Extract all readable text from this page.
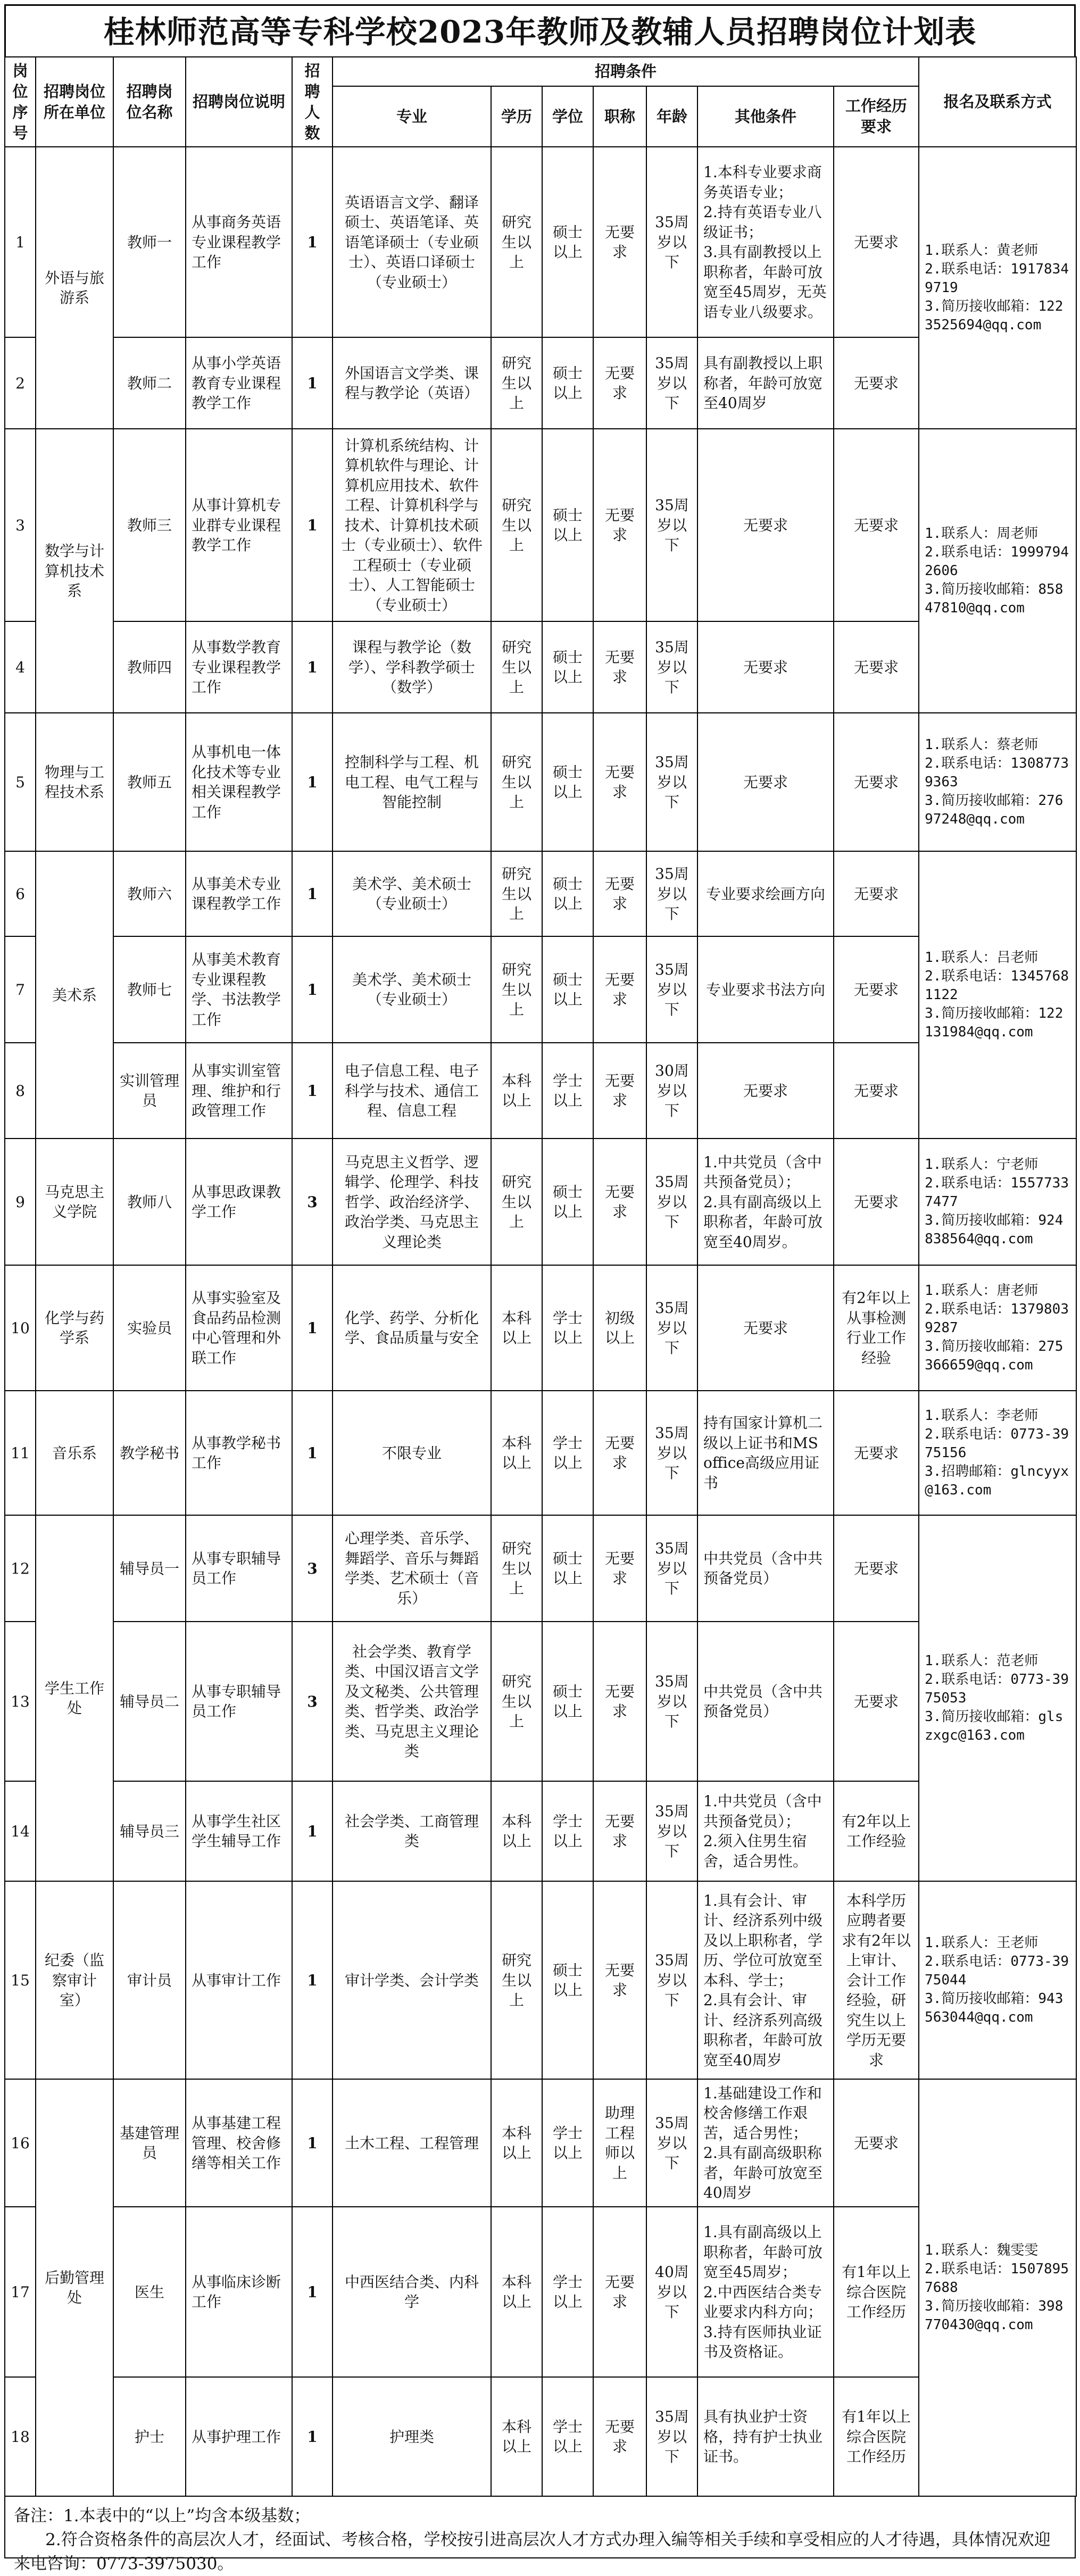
桂林师范高等专科学校2023年教师及教辅人员招聘岗位计划表
岗位序号	招聘岗位所在单位	招聘岗位名称	招聘岗位说明	招聘人数	招聘条件							报名及联系方式
					专业	学历	学位	职称	年龄	其他条件	工作经历要求	
1	外语与旅游系	教师一	从事商务英语专业课程教学工作	1	英语语言文学、翻译硕士、英语笔译、英语笔译硕士（专业硕士）、英语口译硕士（专业硕士）	研究生以上	硕士以上	无要求	35周岁以下	1.本科专业要求商务英语专业；
2.持有英语专业八级证书；
3.具有副教授以上职称者，年龄可放宽至45周岁，无英语专业八级要求。	无要求	1.联系人：黄老师
2.联系电话：19178349719
3.简历接收邮箱：1223525694@qq.com
2		教师二	从事小学英语教育专业课程教学工作	1	外国语言文学类、课程与教学论（英语）	研究生以上	硕士以上	无要求	35周岁以下	具有副教授以上职称者，年龄可放宽至40周岁	无要求	
3	数学与计算机技术系	教师三	从事计算机专业群专业课程教学工作	1	计算机系统结构、计算机软件与理论、计算机应用技术、软件工程、计算机科学与技术、计算机技术硕士（专业硕士）、软件工程硕士（专业硕士）、人工智能硕士（专业硕士）	研究生以上	硕士以上	无要求	35周岁以下	无要求	无要求	1.联系人：周老师
2.联系电话：19997942606
3.简历接收邮箱：85847810@qq.com
4		教师四	从事数学教育专业课程教学工作	1	课程与教学论（数学）、学科教学硕士（数学）	研究生以上	硕士以上	无要求	35周岁以下	无要求	无要求	
5	物理与工程技术系	教师五	从事机电一体化技术等专业相关课程教学工作	1	控制科学与工程、机电工程、电气工程与智能控制	研究生以上	硕士以上	无要求	35周岁以下	无要求	无要求	1.联系人：蔡老师
2.联系电话：13087739363
3.简历接收邮箱：27697248@qq.com
6	美术系	教师六	从事美术专业课程教学工作	1	美术学、美术硕士（专业硕士）	研究生以上	硕士以上	无要求	35周岁以下	专业要求绘画方向	无要求	1.联系人：吕老师
2.联系电话：13457681122
3.简历接收邮箱：122131984@qq.com
7		教师七	从事美术教育专业课程教学、书法教学工作	1	美术学、美术硕士（专业硕士）	研究生以上	硕士以上	无要求	35周岁以下	专业要求书法方向	无要求	
8		实训管理员	从事实训室管理、维护和行政管理工作	1	电子信息工程、电子科学与技术、通信工程、信息工程	本科以上	学士以上	无要求	30周岁以下	无要求	无要求	
9	马克思主义学院	教师八	从事思政课教学工作	3	马克思主义哲学、逻辑学、伦理学、科技哲学、政治经济学、政治学类、马克思主义理论类	研究生以上	硕士以上	无要求	35周岁以下	1.中共党员（含中共预备党员）；
2.具有副高级以上职称者，年龄可放宽至40周岁。	无要求	1.联系人：宁老师
2.联系电话：15577337477
3.简历接收邮箱：924838564@qq.com
10	化学与药学系	实验员	从事实验室及食品药品检测中心管理和外联工作	1	化学、药学、分析化学、食品质量与安全	本科以上	学士以上	初级以上	35周岁以下	无要求	有2年以上从事检测行业工作经验	1.联系人：唐老师
2.联系电话：13798039287
3.简历接收邮箱：275366659@qq.com
11	音乐系	教学秘书	从事教学秘书工作	1	不限专业	本科以上	学士以上	无要求	35周岁以下	持有国家计算机二级以上证书和MS office高级应用证书	无要求	1.联系人：李老师
2.联系电话：0773-3975156
3.招聘邮箱：glncyyx@163.com
12	学生工作处	辅导员一	从事专职辅导员工作	3	心理学类、音乐学、舞蹈学、音乐与舞蹈学类、艺术硕士（音乐）	研究生以上	硕士以上	无要求	35周岁以下	中共党员（含中共预备党员）	无要求	1.联系人：范老师
2.联系电话：0773-3975053
3.简历接收邮箱：glszxgc@163.com
13		辅导员二	从事专职辅导员工作	3	社会学类、教育学类、中国汉语言文学及文秘类、公共管理类、哲学类、政治学类、马克思主义理论类	研究生以上	硕士以上	无要求	35周岁以下	中共党员（含中共预备党员）	无要求	
14		辅导员三	从事学生社区学生辅导工作	1	社会学类、工商管理类	本科以上	学士以上	无要求	35周岁以下	1.中共党员（含中共预备党员）；
2.须入住男生宿舍，适合男性。	有2年以上工作经验	
15	纪委（监察审计室）	审计员	从事审计工作	1	审计学类、会计学类	研究生以上	硕士以上	无要求	35周岁以下	1.具有会计、审计、经济系列中级及以上职称者，学历、学位可放宽至本科、学士；
2.具有会计、审计、经济系列高级职称者，年龄可放宽至40周岁	本科学历应聘者要求有2年以上审计、会计工作经验，研究生以上学历无要求	1.联系人：王老师
2.联系电话：0773-3975044
3.简历接收邮箱：943563044@qq.com
16	后勤管理处	基建管理员	从事基建工程管理、校舍修缮等相关工作	1	土木工程、工程管理	本科以上	学士以上	助理工程师以上	35周岁以下	1.基础建设工作和校舍修缮工作艰苦，适合男性；
2.具有副高级职称者，年龄可放宽至40周岁	无要求	1.联系人：魏雯雯
2.联系电话：15078957688
3.简历接收邮箱：398770430@qq.com
17		医生	从事临床诊断工作	1	中西医结合类、内科学	本科以上	学士以上	无要求	40周岁以下	1.具有副高级以上职称者，年龄可放宽至45周岁；
2.中西医结合类专业要求内科方向；
3.持有医师执业证书及资格证。	有1年以上综合医院工作经历	
18		护士	从事护理工作	1	护理类	本科以上	学士以上	无要求	35周岁以下	具有执业护士资格，持有护士执业证书。	有1年以上综合医院工作经历	
备注：1.本表中的“以上”均含本级基数；
2.符合资格条件的高层次人才，经面试、考核合格，学校按引进高层次人才方式办理入编等相关手续和享受相应的人才待遇，具体情况欢迎来电咨询：0773-3975030。
